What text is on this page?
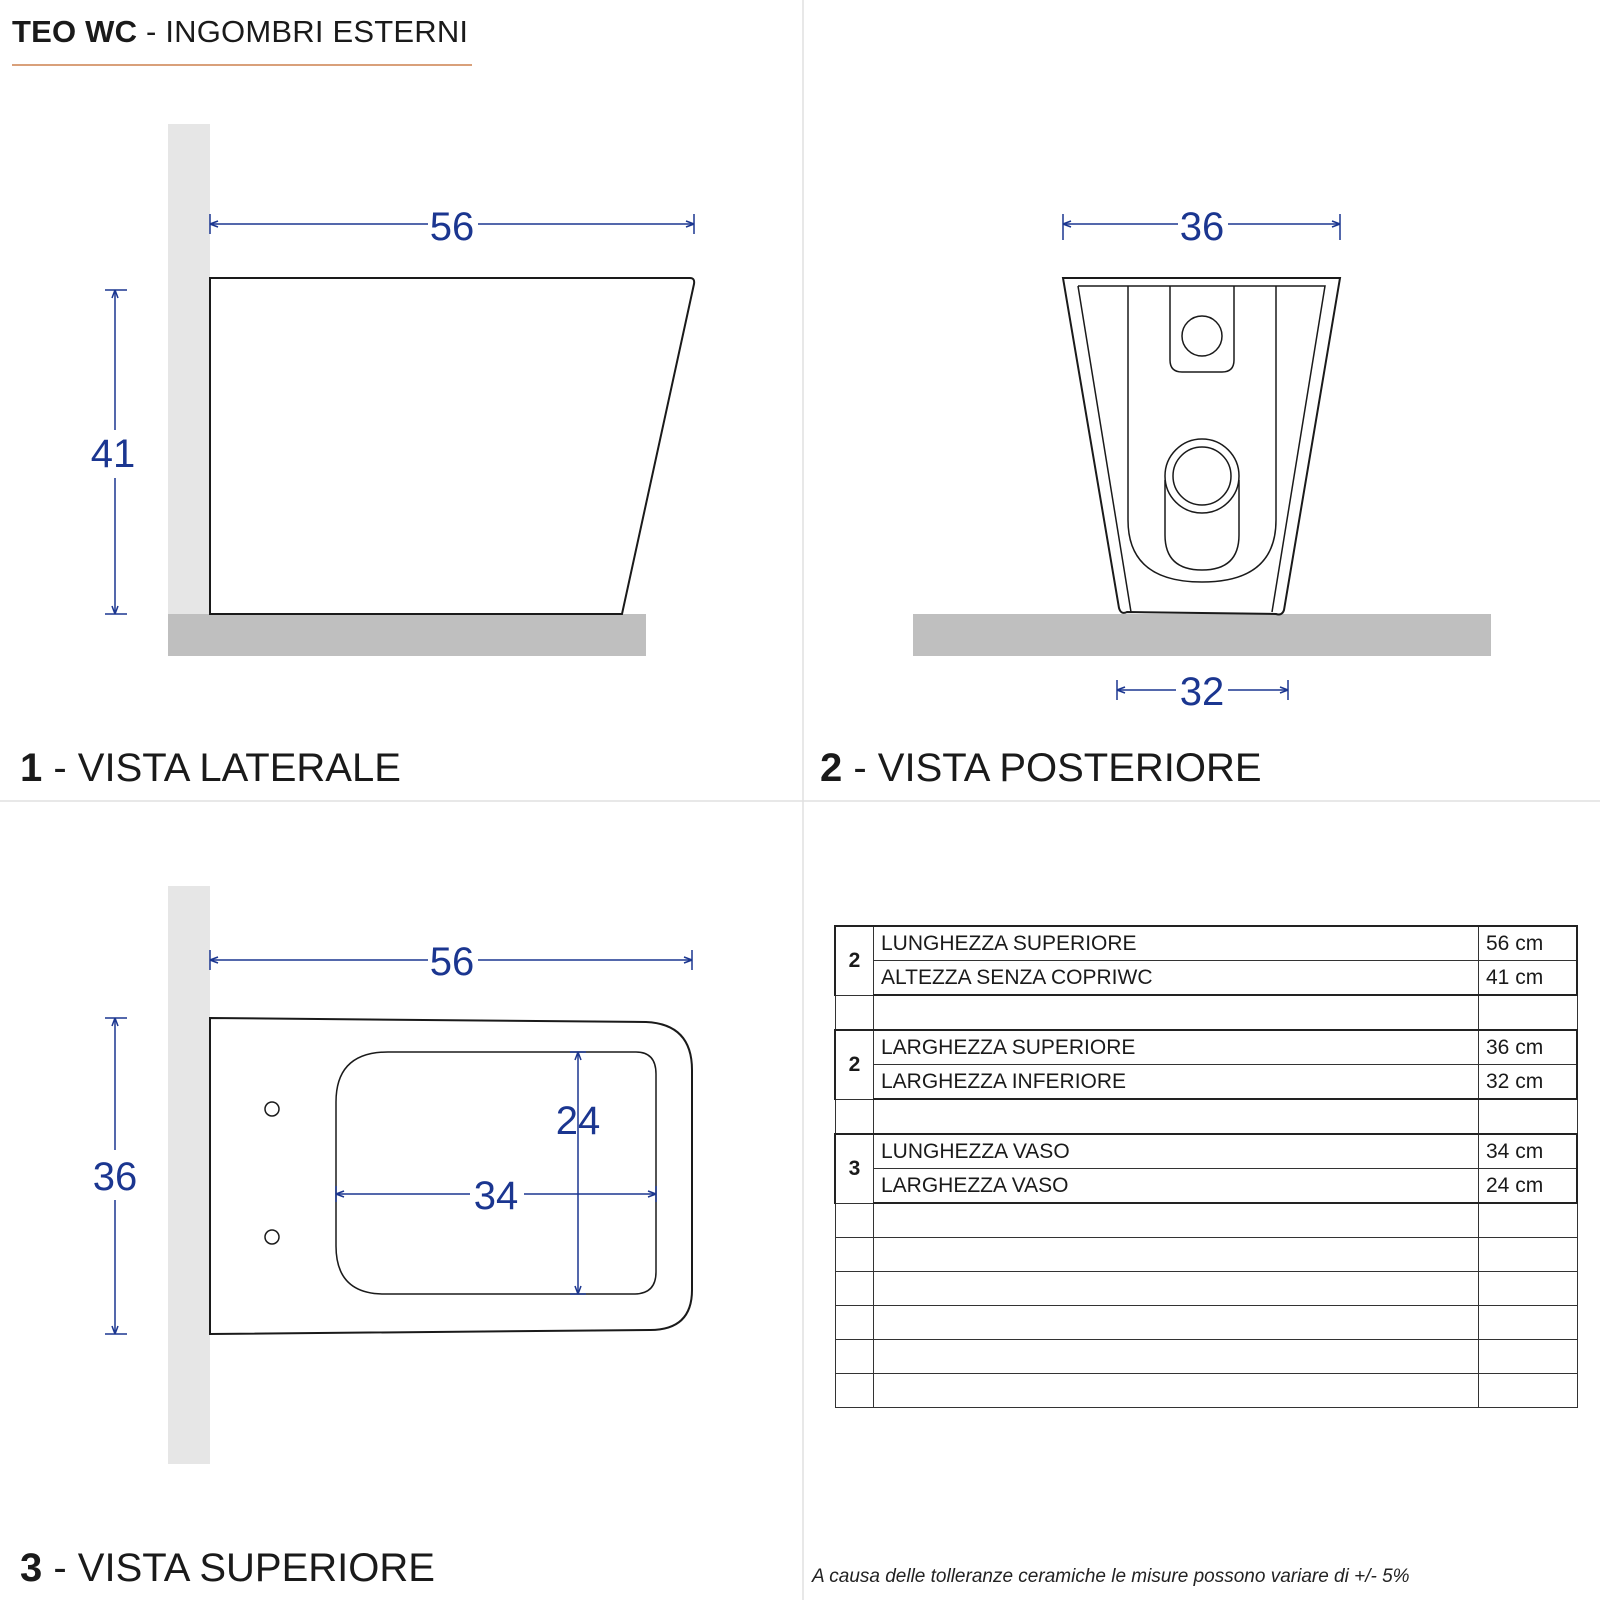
TEO WC - INGOMBRI ESTERNI
56
41
36
32
56
36
24
34
1 - VISTA LATERALE	2 - VISTA POSTERIORE
3 - VISTA SUPERIORE
2	LUNGHEZZA SUPERIORE	56 cm
	ALTEZZA SENZA COPRIWC	41 cm

2	LARGHEZZA SUPERIORE	36 cm
	LARGHEZZA INFERIORE	32 cm

3	LUNGHEZZA VASO	34 cm
	LARGHEZZA VASO	24 cm

A causa delle tolleranze ceramiche le misure possono variare di +/- 5%
